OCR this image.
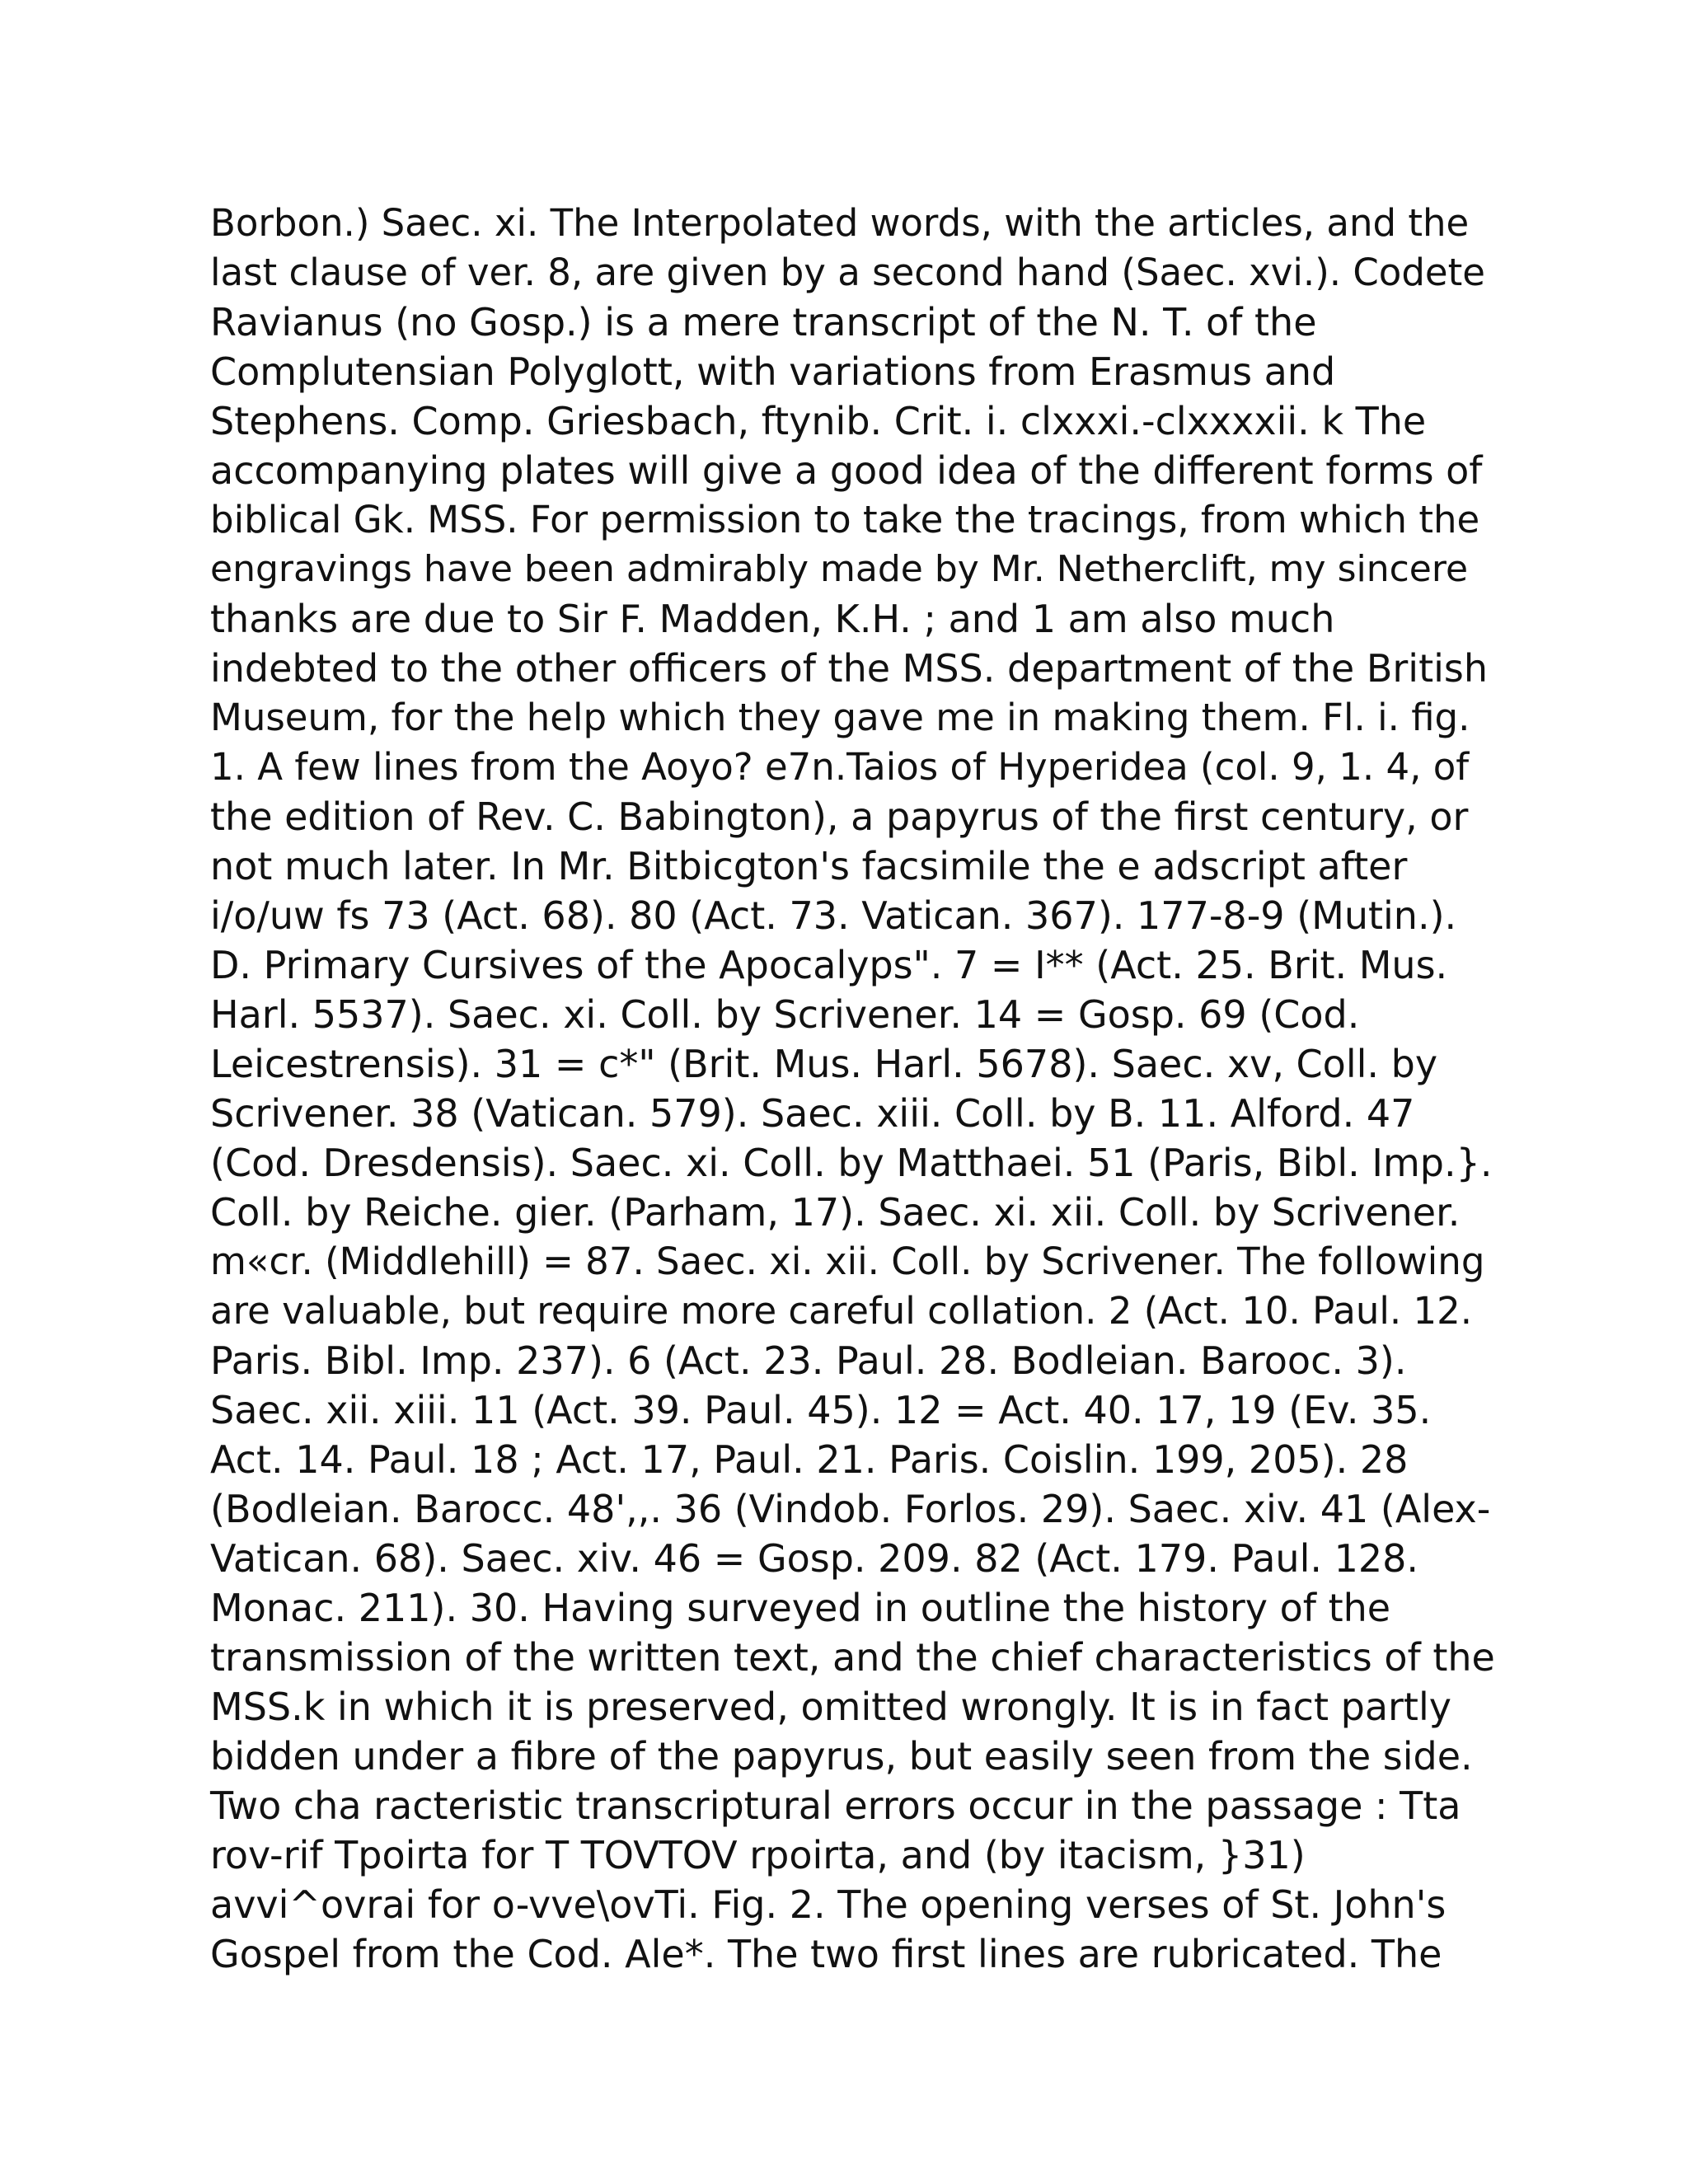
Borbon.) Saec. xi. The Interpolated words, with the articles, and the
last clause of ver. 8, are given by a second hand (Saec. xvi.). Codete
Ravianus (no Gosp.) is a mere transcript of the N. T. of the
Complutensian Polyglott, with variations from Erasmus and
Stephens. Comp. Griesbach, ftynib. Crit. i. clxxxi.-clxxxxii. k The
accompanying plates will give a good idea of the different forms of
biblical Gk. MSS. For permission to take the tracings, from which the
engravings have been admirably made by Mr. Netherclift, my sincere
thanks are due to Sir F. Madden, K.H. ; and 1 am also much
indebted to the other officers of the MSS. department of the British
Museum, for the help which they gave me in making them. Fl. i. fig.
1. A few lines from the Aoyo? e7n.Taios of Hyperidea (col. 9, 1. 4, of
the edition of Rev. C. Babington), a papyrus of the first century, or
not much later. In Mr. Bitbicgton's facsimile the e adscript after
i/o/uw fs 73 (Act. 68). 80 (Act. 73. Vatican. 367). 177-8-9 (Mutin.).
D. Primary Cursives of the Apocalyps". 7 = I** (Act. 25. Brit. Mus.
Harl. 5537). Saec. xi. Coll. by Scrivener. 14 = Gosp. 69 (Cod.
Leicestrensis). 31 = c*" (Brit. Mus. Harl. 5678). Saec. xv, Coll. by
Scrivener. 38 (Vatican. 579). Saec. xiii. Coll. by B. 11. Alford. 47
(Cod. Dresdensis). Saec. xi. Coll. by Matthaei. 51 (Paris, Bibl. Imp.}.
Coll. by Reiche. gier. (Parham, 17). Saec. xi. xii. Coll. by Scrivener.
m«cr. (Middlehill) = 87. Saec. xi. xii. Coll. by Scrivener. The following
are valuable, but require more careful collation. 2 (Act. 10. Paul. 12.
Paris. Bibl. Imp. 237). 6 (Act. 23. Paul. 28. Bodleian. Barooc. 3).
Saec. xii. xiii. 11 (Act. 39. Paul. 45). 12 = Act. 40. 17, 19 (Ev. 35.
Act. 14. Paul. 18 ; Act. 17, Paul. 21. Paris. Coislin. 199, 205). 28
(Bodleian. Barocc. 48',,. 36 (Vindob. Forlos. 29). Saec. xiv. 41 (Alex-
Vatican. 68). Saec. xiv. 46 = Gosp. 209. 82 (Act. 179. Paul. 128.
Monac. 211). 30. Having surveyed in outline the history of the
transmission of the written text, and the chief characteristics of the
MSS.k in which it is preserved, omitted wrongly. It is in fact partly
bidden under a fibre of the papyrus, but easily seen from the side.
Two cha racteristic transcriptural errors occur in the passage : Tta
rov-rif Tpoirta for T TOVTOV rpoirta, and (by itacism, }31)
avvi^ovrai for o-vve\ovTi. Fig. 2. The opening verses of St. John's
Gospel from the Cod. Ale*. The two first lines are rubricated. The
